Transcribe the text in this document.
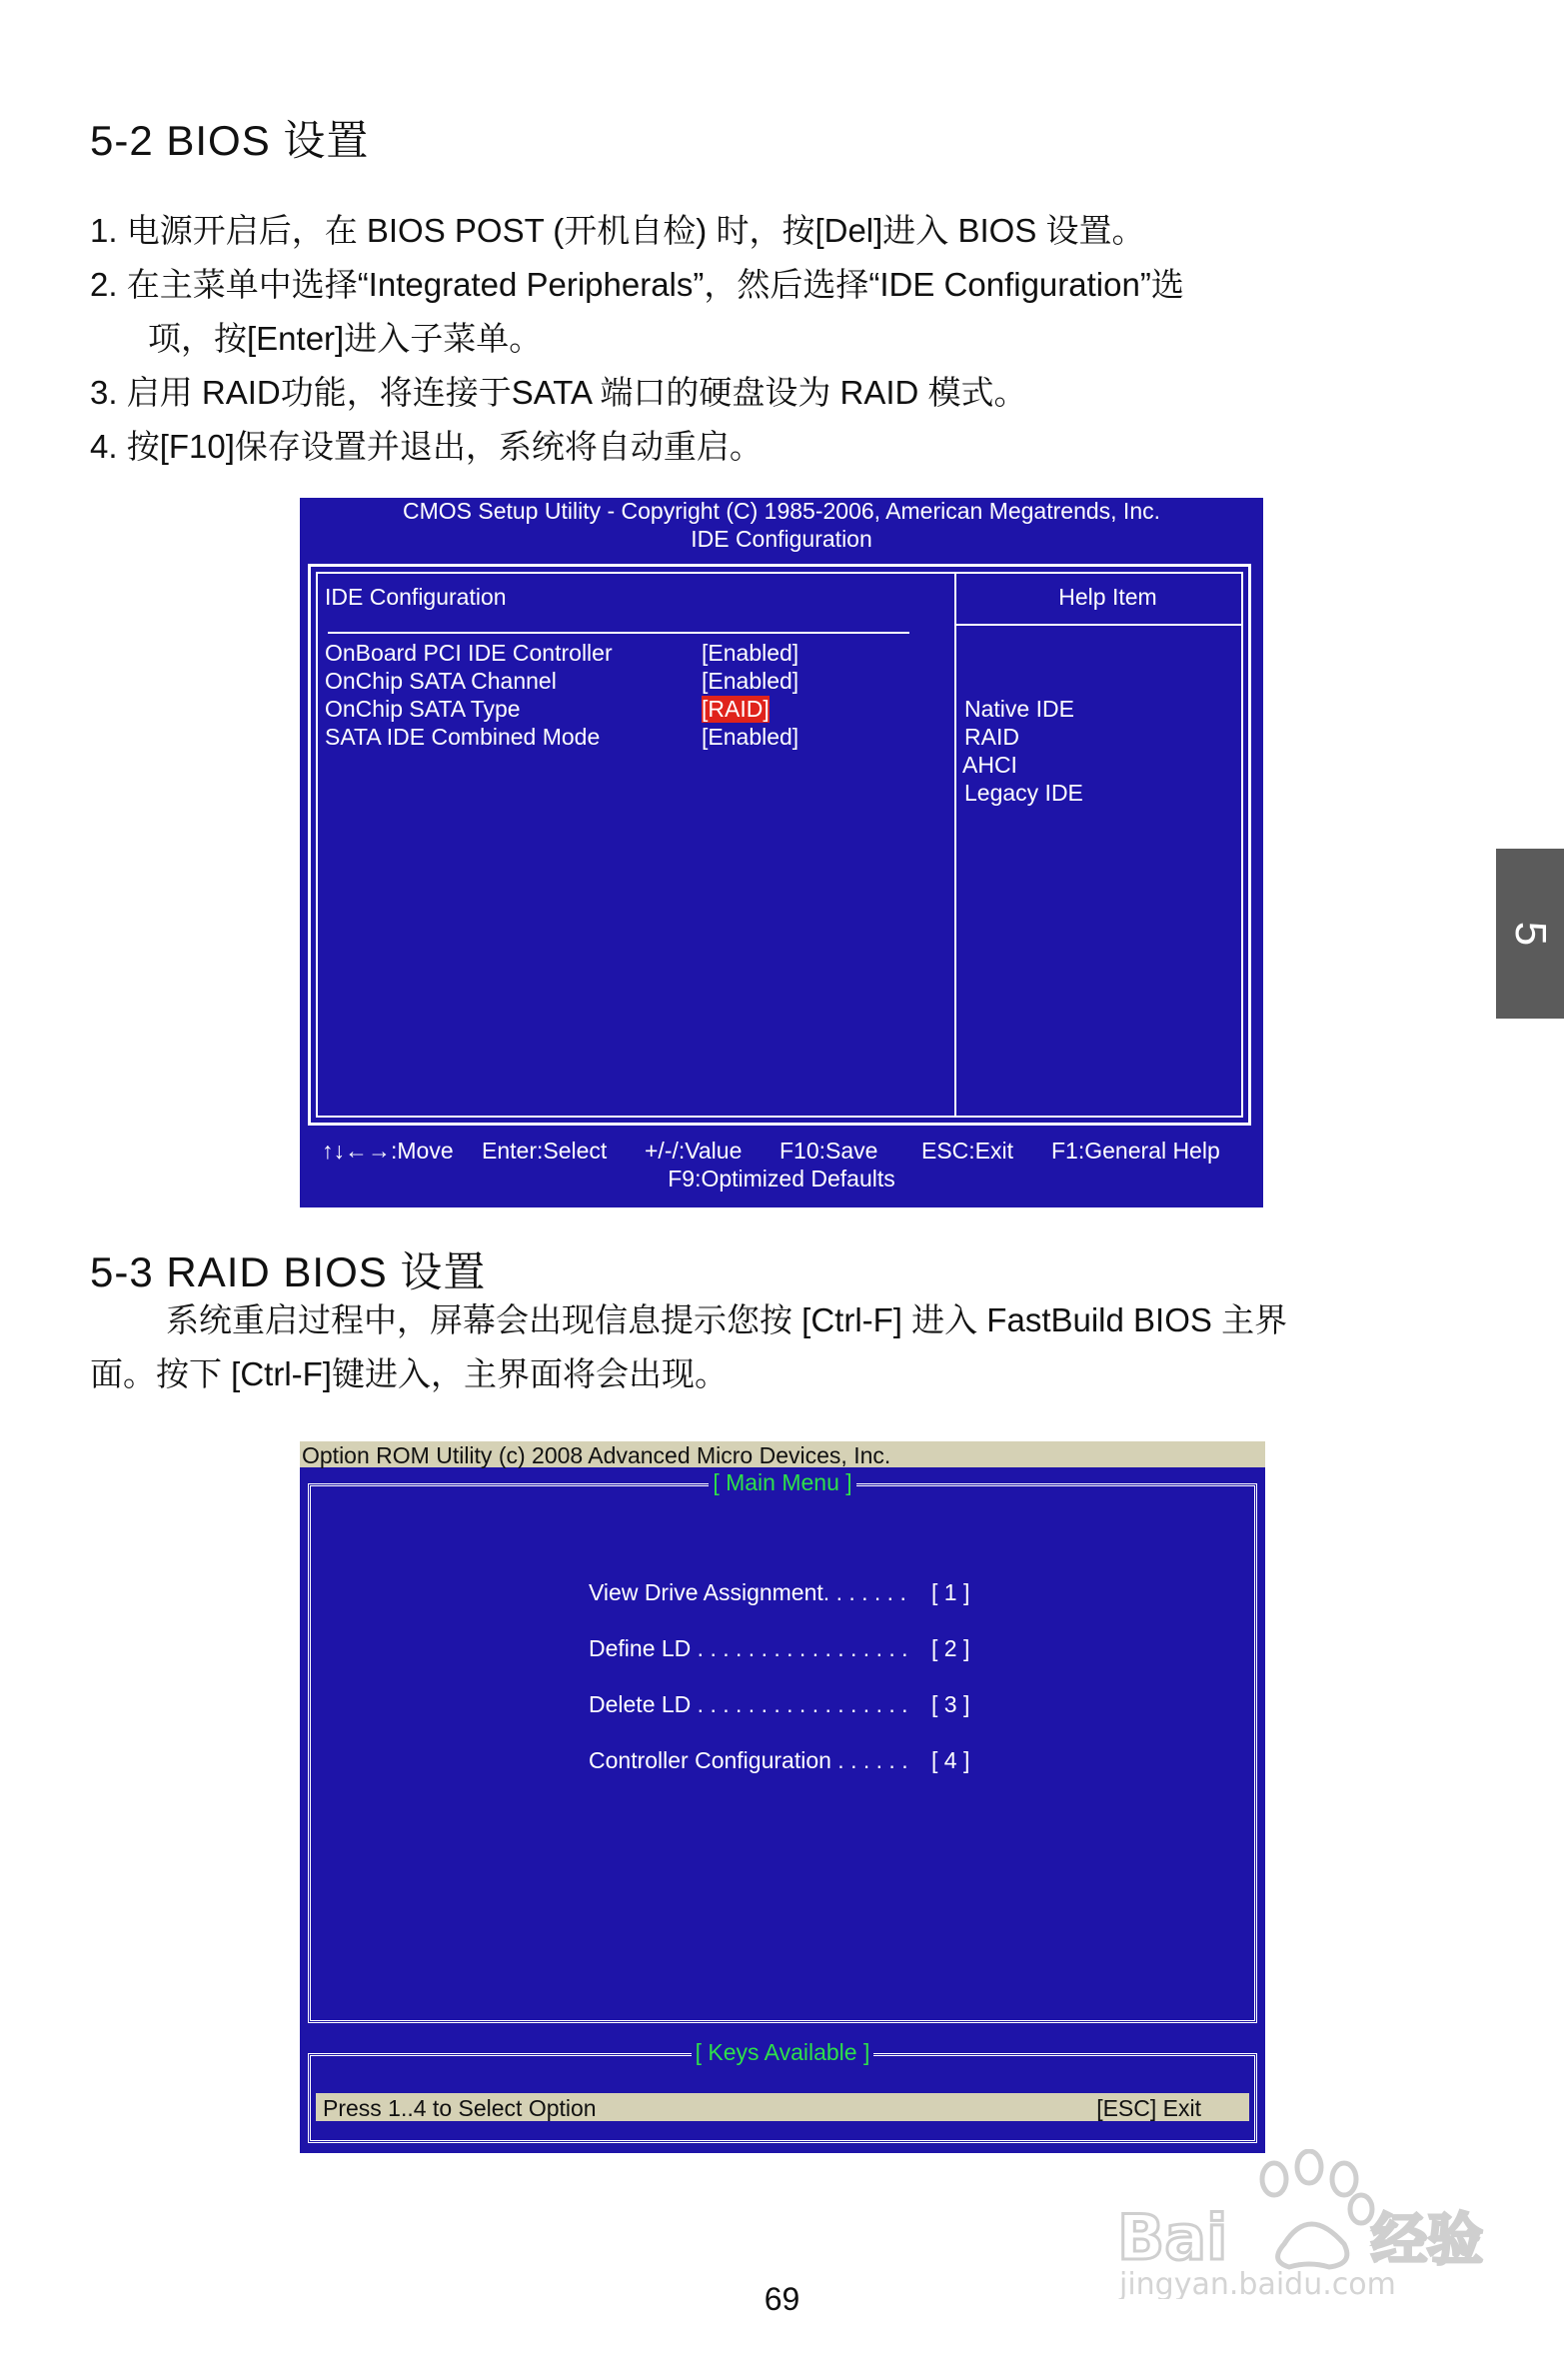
5-2 BIOS 设置
1. 电源开启后，在 BIOS POST (开机自检) 时，按[Del]进入 BIOS 设置。
2. 在主菜单中选择“Integrated Peripherals”，然后选择“IDE Configuration”选
项，按[Enter]进入子菜单。
3. 启用 RAID功能，将连接于SATA 端口的硬盘设为 RAID 模式。
4. 按[F10]保存设置并退出，系统将自动重启。
5
CMOS Setup Utility - Copyright (C) 1985-2006, American Megatrends, Inc.
IDE Configuration
IDE Configuration	Help Item
OnBoard PCI IDE Controller	[Enabled]
OnChip SATA Channel	[Enabled]
OnChip SATA Type	[RAID]
SATA IDE Combined Mode	[Enabled]
Native IDE
RAID
AHCI
Legacy IDE
↑↓←→:Move Enter:Select +/-/:Value F10:Save ESC:Exit F1:General Help
F9:Optimized Defaults
5-3 RAID BIOS 设置
系统重启过程中，屏幕会出现信息提示您按 [Ctrl-F] 进入 FastBuild BIOS 主界
面。按下 [Ctrl-F]键进入，主界面将会出现。
Option ROM Utility (c) 2008 Advanced Micro Devices, Inc.
[ Main Menu ]
View Drive Assignment. . . . . . . [ 1 ]
Define LD . . . . . . . . . . . . . . . . . [ 2 ]
Delete LD . . . . . . . . . . . . . . . . . [ 3 ]
Controller Configuration . . . . . . [ 4 ]
[ Keys Available ]
Press 1..4 to Select Option	[ESC] Exit
69
Bai	经验
jingyan.baidu.com
